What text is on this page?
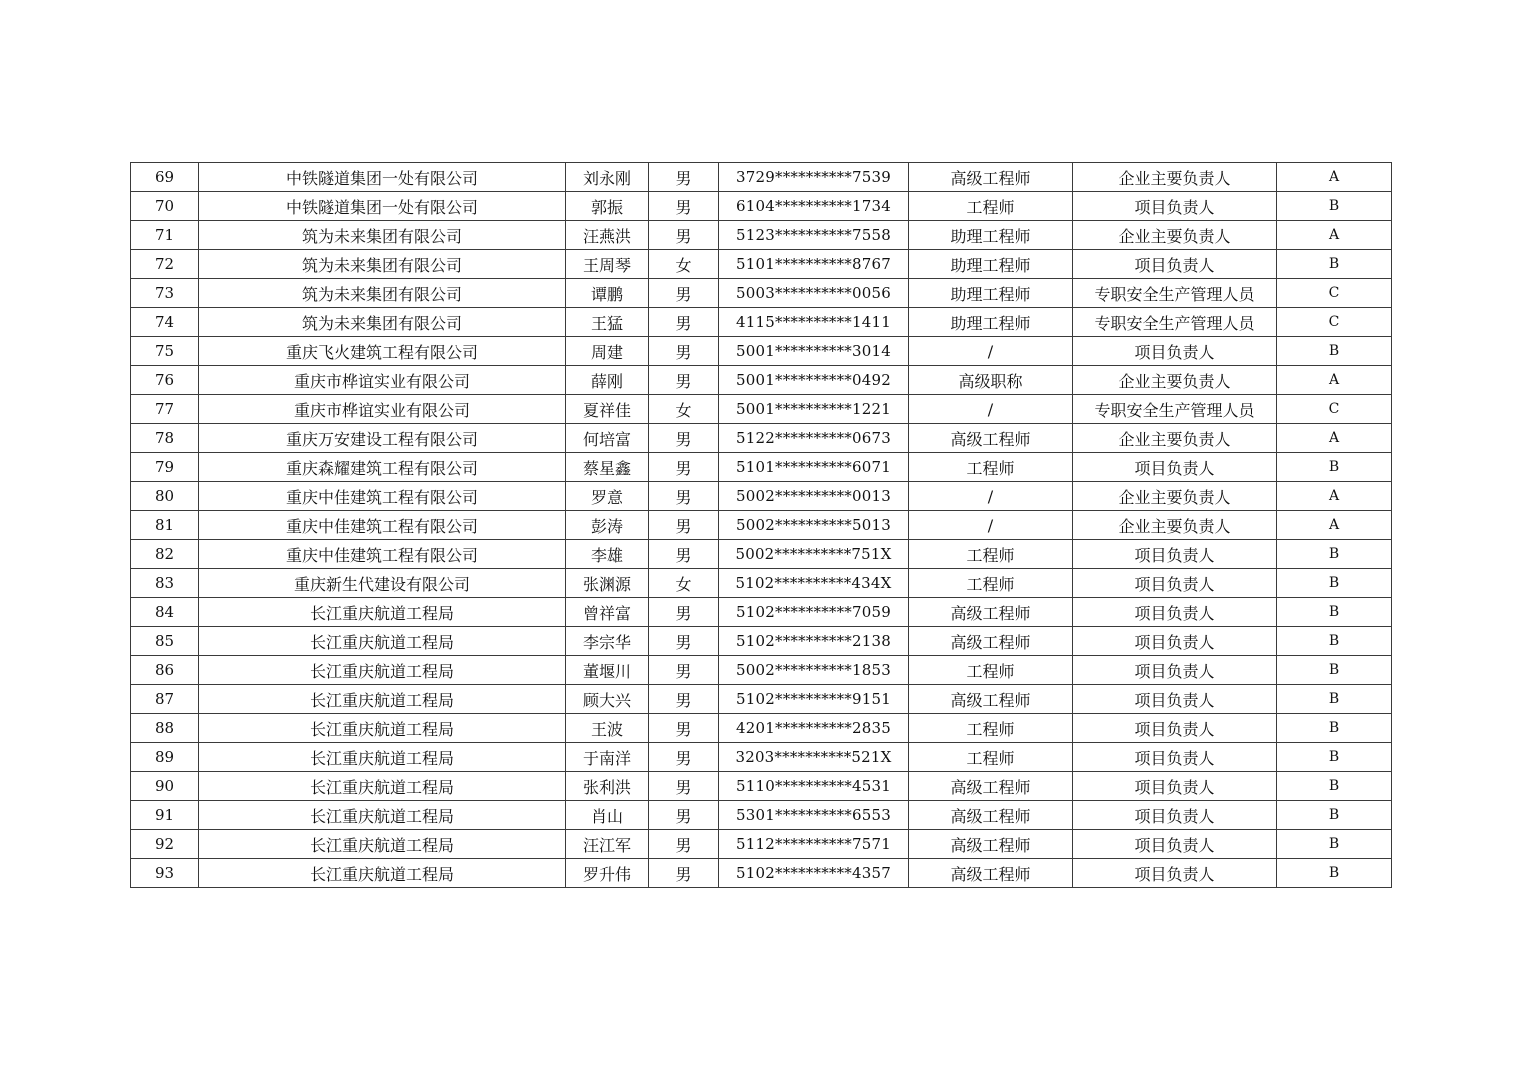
69	中铁隧道集团一处有限公司	刘永刚	男	3729**********7539	高级工程师	企业主要负责人	A
70	中铁隧道集团一处有限公司	郭振	男	6104**********1734	工程师	项目负责人	B
71	筑为未来集团有限公司	汪燕洪	男	5123**********7558	助理工程师	企业主要负责人	A
72	筑为未来集团有限公司	王周琴	女	5101**********8767	助理工程师	项目负责人	B
73	筑为未来集团有限公司	谭鹏	男	5003**********0056	助理工程师	专职安全生产管理人员	C
74	筑为未来集团有限公司	王猛	男	4115**********1411	助理工程师	专职安全生产管理人员	C
75	重庆飞火建筑工程有限公司	周建	男	5001**********3014	/	项目负责人	B
76	重庆市桦谊实业有限公司	薛刚	男	5001**********0492	高级职称	企业主要负责人	A
77	重庆市桦谊实业有限公司	夏祥佳	女	5001**********1221	/	专职安全生产管理人员	C
78	重庆万安建设工程有限公司	何培富	男	5122**********0673	高级工程师	企业主要负责人	A
79	重庆森耀建筑工程有限公司	蔡星鑫	男	5101**********6071	工程师	项目负责人	B
80	重庆中佳建筑工程有限公司	罗意	男	5002**********0013	/	企业主要负责人	A
81	重庆中佳建筑工程有限公司	彭涛	男	5002**********5013	/	企业主要负责人	A
82	重庆中佳建筑工程有限公司	李雄	男	5002**********751X	工程师	项目负责人	B
83	重庆新生代建设有限公司	张渊源	女	5102**********434X	工程师	项目负责人	B
84	长江重庆航道工程局	曾祥富	男	5102**********7059	高级工程师	项目负责人	B
85	长江重庆航道工程局	李宗华	男	5102**********2138	高级工程师	项目负责人	B
86	长江重庆航道工程局	董堰川	男	5002**********1853	工程师	项目负责人	B
87	长江重庆航道工程局	顾大兴	男	5102**********9151	高级工程师	项目负责人	B
88	长江重庆航道工程局	王波	男	4201**********2835	工程师	项目负责人	B
89	长江重庆航道工程局	于南洋	男	3203**********521X	工程师	项目负责人	B
90	长江重庆航道工程局	张利洪	男	5110**********4531	高级工程师	项目负责人	B
91	长江重庆航道工程局	肖山	男	5301**********6553	高级工程师	项目负责人	B
92	长江重庆航道工程局	汪江军	男	5112**********7571	高级工程师	项目负责人	B
93	长江重庆航道工程局	罗升伟	男	5102**********4357	高级工程师	项目负责人	B
